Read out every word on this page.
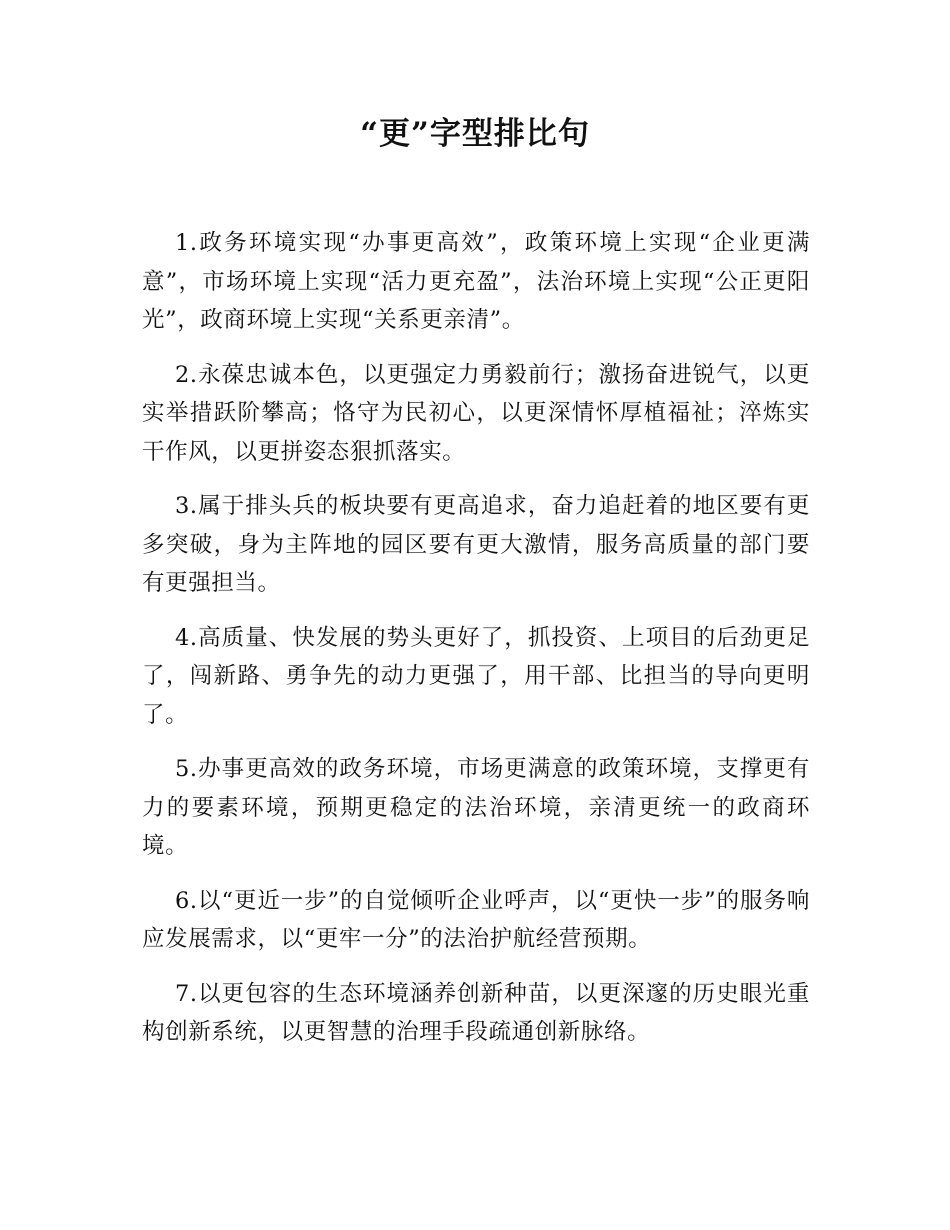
“更”字型排比句

1.政务环境实现“办事更高效”，政策环境上实现“企业更满意”，市场环境上实现“活力更充盈”，法治环境上实现“公正更阳光”，政商环境上实现“关系更亲清”。

2.永葆忠诚本色，以更强定力勇毅前行；激扬奋进锐气，以更实举措跃阶攀高；恪守为民初心，以更深情怀厚植福祉；淬炼实干作风，以更拼姿态狠抓落实。

3.属于排头兵的板块要有更高追求，奋力追赶着的地区要有更多突破，身为主阵地的园区要有更大激情，服务高质量的部门要有更强担当。

4.高质量、快发展的势头更好了，抓投资、上项目的后劲更足了，闯新路、勇争先的动力更强了，用干部、比担当的导向更明了。

5.办事更高效的政务环境，市场更满意的政策环境，支撑更有力的要素环境，预期更稳定的法治环境，亲清更统一的政商环境。

6.以“更近一步”的自觉倾听企业呼声，以“更快一步”的服务响应发展需求，以“更牢一分”的法治护航经营预期。

7.以更包容的生态环境涵养创新种苗，以更深邃的历史眼光重构创新系统，以更智慧的治理手段疏通创新脉络。
